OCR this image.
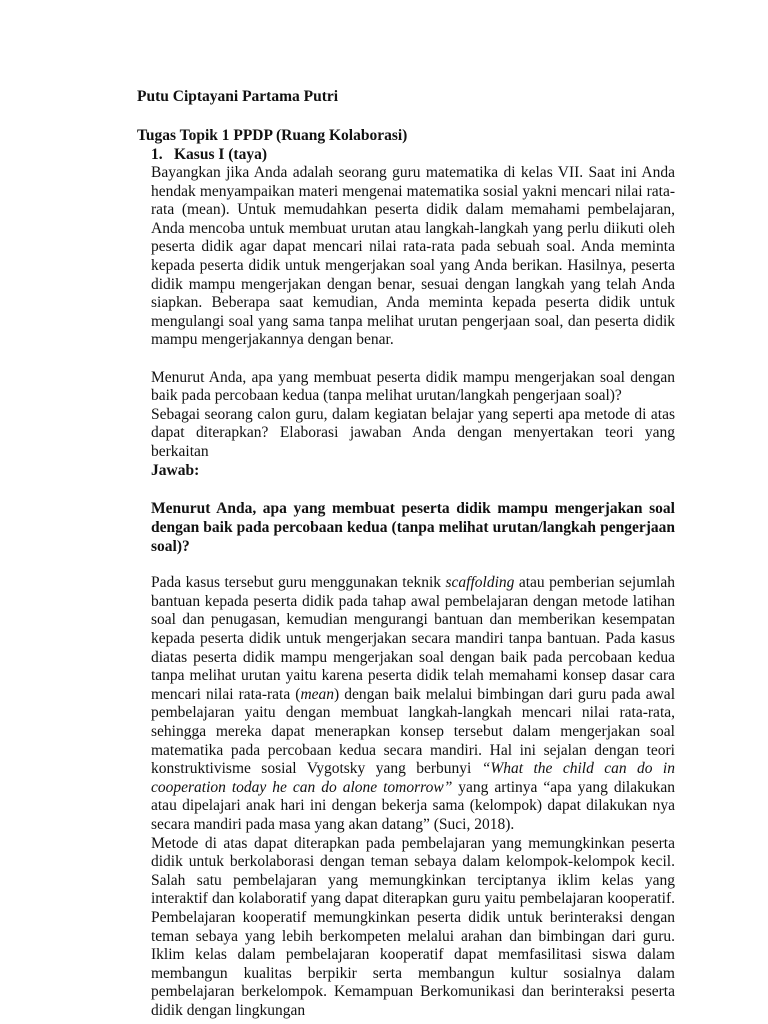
Putu Ciptayani Partama Putri
Tugas Topik 1 PPDP (Ruang Kolaborasi)
1. Kasus I (taya)

Bayangkan jika Anda adalah seorang guru matematika di kelas VII. Saat ini Anda hendak menyampaikan materi mengenai matematika sosial yakni mencari nilai rata-rata (mean). Untuk memudahkan peserta didik dalam memahami pembelajaran, Anda mencoba untuk membuat urutan atau langkah-langkah yang perlu diikuti oleh peserta didik agar dapat mencari nilai rata-rata pada sebuah soal. Anda meminta kepada peserta didik untuk mengerjakan soal yang Anda berikan. Hasilnya, peserta didik mampu mengerjakan dengan benar, sesuai dengan langkah yang telah Anda siapkan. Beberapa saat kemudian, Anda meminta kepada peserta didik untuk mengulangi soal yang sama tanpa melihat urutan pengerjaan soal, dan peserta didik mampu mengerjakannya dengan benar.

Menurut Anda, apa yang membuat peserta didik mampu mengerjakan soal dengan baik pada percobaan kedua (tanpa melihat urutan/langkah pengerjaan soal)?

Sebagai seorang calon guru, dalam kegiatan belajar yang seperti apa metode di atas dapat diterapkan? Elaborasi jawaban Anda dengan menyertakan teori yang berkaitan

Jawab:

Menurut Anda, apa yang membuat peserta didik mampu mengerjakan soal dengan baik pada percobaan kedua (tanpa melihat urutan/langkah pengerjaan soal)?

Pada kasus tersebut guru menggunakan teknik scaffolding atau pemberian sejumlah bantuan kepada peserta didik pada tahap awal pembelajaran dengan metode latihan soal dan penugasan, kemudian mengurangi bantuan dan memberikan kesempatan kepada peserta didik untuk mengerjakan secara mandiri tanpa bantuan. Pada kasus diatas peserta didik mampu mengerjakan soal dengan baik pada percobaan kedua tanpa melihat urutan yaitu karena peserta didik telah memahami konsep dasar cara mencari nilai rata-rata (mean) dengan baik melalui bimbingan dari guru pada awal pembelajaran yaitu dengan membuat langkah-langkah mencari nilai rata-rata, sehingga mereka dapat menerapkan konsep tersebut dalam mengerjakan soal matematika pada percobaan kedua secara mandiri. Hal ini sejalan dengan teori konstruktivisme sosial Vygotsky yang berbunyi “What the child can do in cooperation today he can do alone tomorrow” yang artinya “apa yang dilakukan atau dipelajari anak hari ini dengan bekerja sama (kelompok) dapat dilakukan nya secara mandiri pada masa yang akan datang” (Suci, 2018).

Metode di atas dapat diterapkan pada pembelajaran yang memungkinkan peserta didik untuk berkolaborasi dengan teman sebaya dalam kelompok-kelompok kecil. Salah satu pembelajaran yang memungkinkan terciptanya iklim kelas yang interaktif dan kolaboratif yang dapat diterapkan guru yaitu pembelajaran kooperatif. Pembelajaran kooperatif memungkinkan peserta didik untuk berinteraksi dengan teman sebaya yang lebih berkompeten melalui arahan dan bimbingan dari guru. Iklim kelas dalam pembelajaran kooperatif dapat memfasilitasi siswa dalam membangun kualitas berpikir serta membangun kultur sosialnya dalam pembelajaran berkelompok. Kemampuan Berkomunikasi dan berinteraksi peserta didik dengan lingkungan
